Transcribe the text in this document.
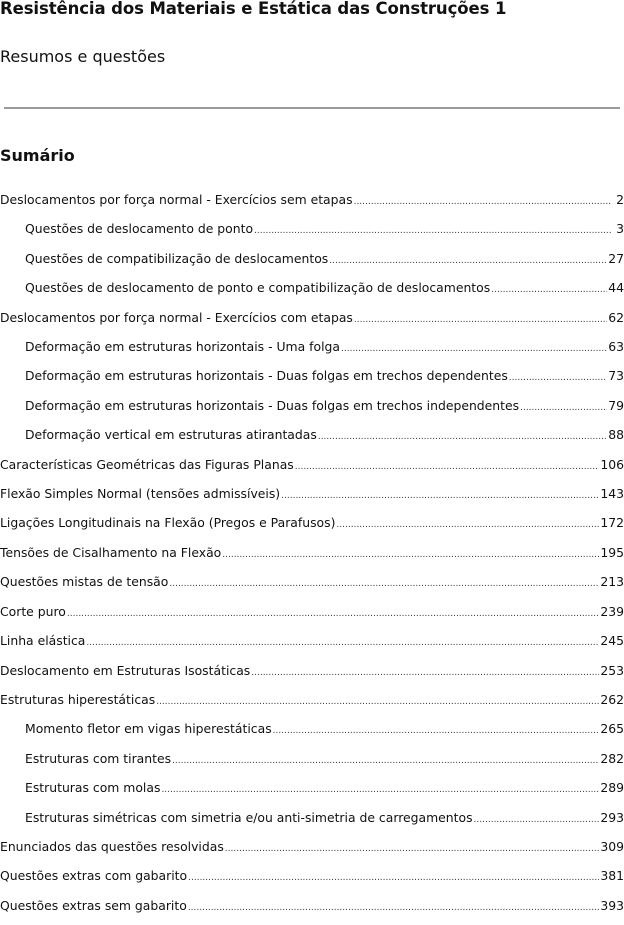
Resistência dos Materiais e Estática das Construções 1
Resumos e questões
Sumário
Deslocamentos por força normal - Exercícios sem etapas .....	2
Questões de deslocamento de ponto .....	3
Questões de compatibilização de deslocamentos .....	27
Questões de deslocamento de ponto e compatibilização de deslocamentos .....	44
Deslocamentos por força normal - Exercícios com etapas .....	62
Deformação em estruturas horizontais - Uma folga .....	63
Deformação em estruturas horizontais - Duas folgas em trechos dependentes .....	73
Deformação em estruturas horizontais - Duas folgas em trechos independentes .....	79
Deformação vertical em estruturas atirantadas .....	88
Características Geométricas das Figuras Planas .....	106
Flexão Simples Normal (tensões admissíveis) .....	143
Ligações Longitudinais na Flexão (Pregos e Parafusos) .....	172
Tensões de Cisalhamento na Flexão .....	195
Questões mistas de tensão .....	213
Corte puro .....	239
Linha elástica .....	245
Deslocamento em Estruturas Isostáticas .....	253
Estruturas hiperestáticas .....	262
Momento fletor em vigas hiperestáticas .....	265
Estruturas com tirantes .....	282
Estruturas com molas .....	289
Estruturas simétricas com simetria e/ou anti-simetria de carregamentos .....	293
Enunciados das questões resolvidas .....	309
Questões extras com gabarito .....	381
Questões extras sem gabarito .....	393
